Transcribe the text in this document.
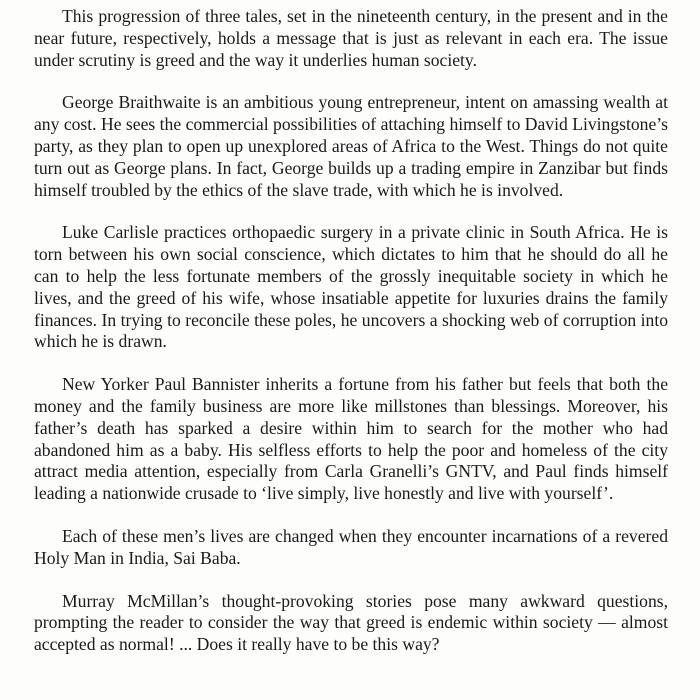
This progression of three tales, set in the nineteenth century, in the present and in the near future, respectively, holds a message that is just as relevant in each era. The issue under scrutiny is greed and the way it underlies human society.

George Braithwaite is an ambitious young entrepreneur, intent on amassing wealth at any cost. He sees the commercial possibilities of attaching himself to David Livingstone’s party, as they plan to open up unexplored areas of Africa to the West. Things do not quite turn out as George plans. In fact, George builds up a trading empire in Zanzibar but finds himself troubled by the ethics of the slave trade, with which he is involved.

Luke Carlisle practices orthopaedic surgery in a private clinic in South Africa. He is torn between his own social conscience, which dictates to him that he should do all he can to help the less fortunate members of the grossly inequitable society in which he lives, and the greed of his wife, whose insatiable appetite for luxuries drains the family finances. In trying to reconcile these poles, he uncovers a shocking web of corruption into which he is drawn.

New Yorker Paul Bannister inherits a fortune from his father but feels that both the money and the family business are more like millstones than blessings. Moreover, his father’s death has sparked a desire within him to search for the mother who had abandoned him as a baby. His selfless efforts to help the poor and homeless of the city attract media attention, especially from Carla Granelli’s GNTV, and Paul finds himself leading a nationwide crusade to ‘live simply, live honestly and live with yourself’.

Each of these men’s lives are changed when they encounter incarnations of a revered Holy Man in India, Sai Baba.

Murray McMillan’s thought-provoking stories pose many awkward questions, prompting the reader to consider the way that greed is endemic within society — almost accepted as normal! ... Does it really have to be this way?
